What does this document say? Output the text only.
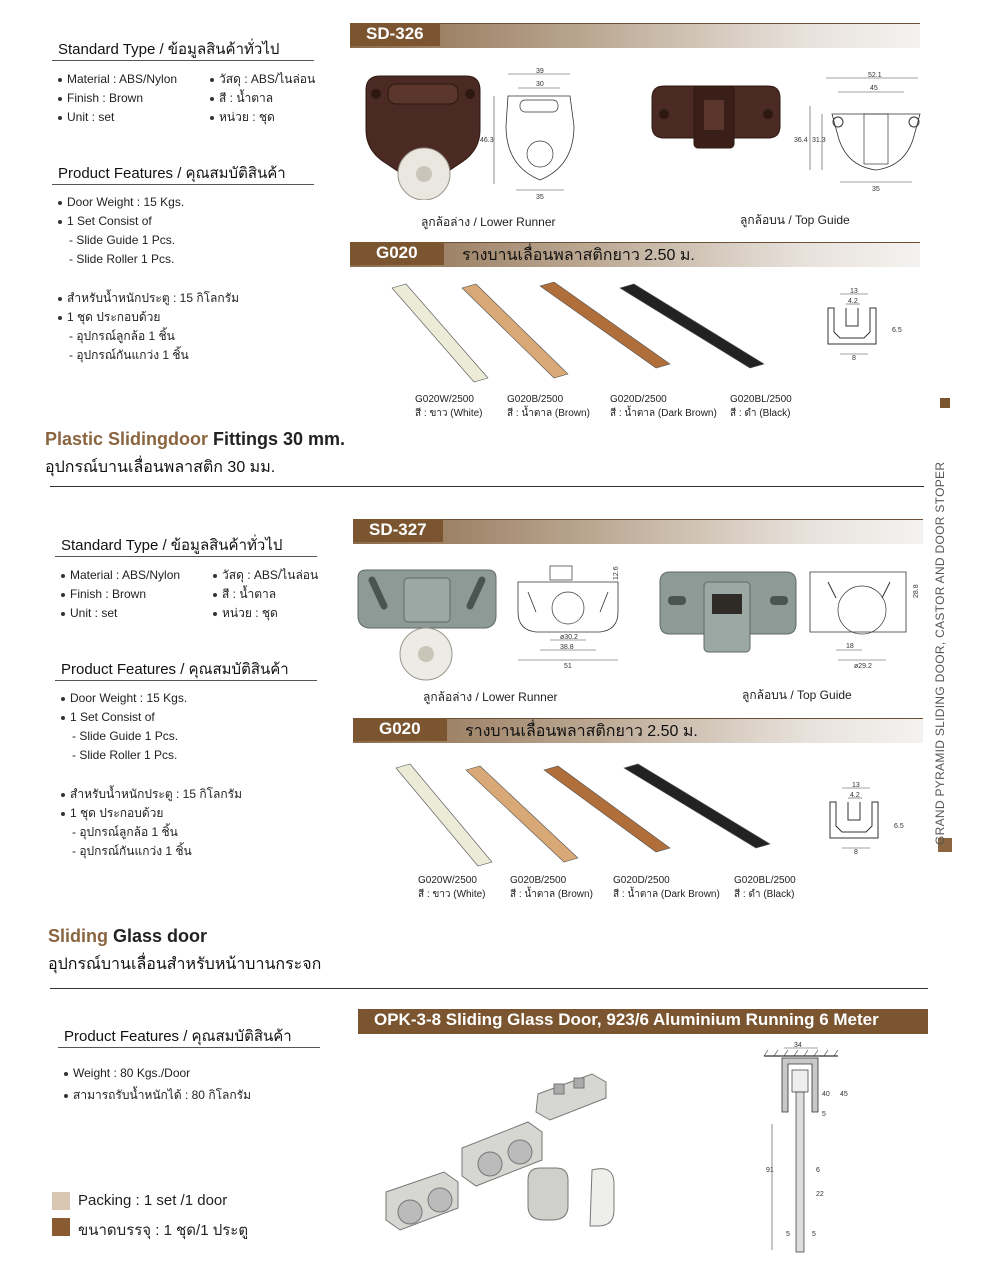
Standard Type / ข้อมูลสินค้าทั่วไป
Material : ABS/Nylon
Finish : Brown
Unit : set
วัสดุ : ABS/ไนล่อน
สี : น้ำตาล
หน่วย : ชุด
Product Features / คุณสมบัติสินค้า
Door Weight : 15 Kgs.
1 Set Consist of
- Slide Guide 1 Pcs.
- Slide Roller 1 Pcs.
สำหรับน้ำหนักประตู : 15 กิโลกรัม
1 ชุด ประกอบด้วย
- อุปกรณ์ลูกล้อ 1 ชิ้น
- อุปกรณ์กันแกว่ง 1 ชิ้น
SD-326
39
30
46.3
35
ลูกล้อล่าง / Lower Runner
52.1
45
36.4 31.3
35
ลูกล้อบน / Top Guide
G020	รางบานเลื่อนพลาสติกยาว 2.50 ม.
G020W/2500
สี : ขาว (White)
G020B/2500
สี : น้ำตาล (Brown)
G020D/2500
สี : น้ำตาล (Dark Brown)
G020BL/2500
สี : ดำ (Black)
13
4.2
6.5
8
Plastic Slidingdoor Fittings 30 mm.
อุปกรณ์บานเลื่อนพลาสติก 30 มม.
Standard Type / ข้อมูลสินค้าทั่วไป
Material : ABS/Nylon
Finish : Brown
Unit : set
วัสดุ : ABS/ไนล่อน
สี : น้ำตาล
หน่วย : ชุด
Product Features / คุณสมบัติสินค้า
Door Weight : 15 Kgs.
1 Set Consist of
- Slide Guide 1 Pcs.
- Slide Roller 1 Pcs.
สำหรับน้ำหนักประตู : 15 กิโลกรัม
1 ชุด ประกอบด้วย
- อุปกรณ์ลูกล้อ 1 ชิ้น
- อุปกรณ์กันแกว่ง 1 ชิ้น
SD-327
12.6
ø30.2
38.8
51
ลูกล้อล่าง / Lower Runner
28.8
18
ø29.2
ลูกล้อบน / Top Guide
G020	รางบานเลื่อนพลาสติกยาว 2.50 ม.
G020W/2500
สี : ขาว (White)
G020B/2500
สี : น้ำตาล (Brown)
G020D/2500
สี : น้ำตาล (Dark Brown)
G020BL/2500
สี : ดำ (Black)
13
4.2
6.5
8
Sliding Glass door
อุปกรณ์บานเลื่อนสำหรับหน้าบานกระจก
Product Features / คุณสมบัติสินค้า
Weight : 80 Kgs./Door
สามารถรับน้ำหนักได้ : 80 กิโลกรัม
OPK-3-8 Sliding Glass Door, 923/6 Aluminium Running 6 Meter
34
40 45
5
91	6
22
5	5
Packing : 1 set /1 door
ขนาดบรรจุ : 1 ชุด/1 ประตู
GRAND PYRAMID SLIDING DOOR, CASTOR AND DOOR STOPER
